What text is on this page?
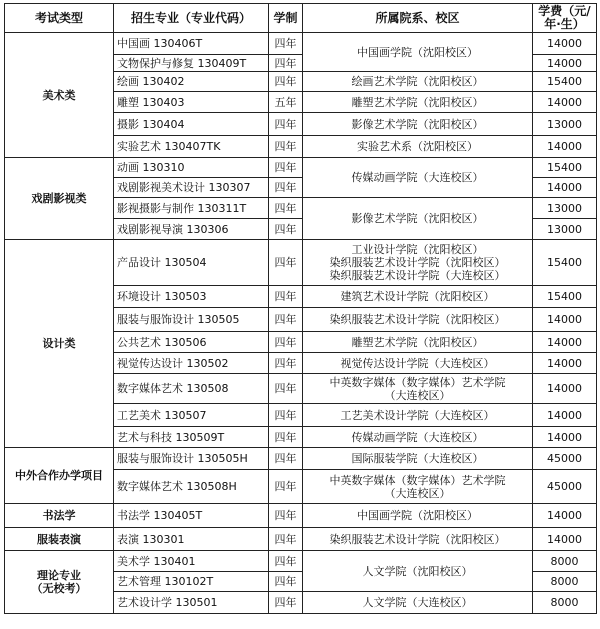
考试类型	招生专业（专业代码）	学制	所属院系、校区	学费（元/
年·生）
美术类	中国画 130406T	四年	中国画学院（沈阳校区）	14000
	文物保护与修复 130409T	四年		14000
	绘画 130402	四年	绘画艺术学院（沈阳校区）	15400
	雕塑 130403	五年	雕塑艺术学院（沈阳校区）	14000
	摄影 130404	四年	影像艺术学院（沈阳校区）	13000
	实验艺术 130407TK	四年	实验艺术系（沈阳校区）	14000
戏剧影视类	动画 130310	四年	传媒动画学院（大连校区）	15400
	戏剧影视美术设计 130307	四年		14000
	影视摄影与制作 130311T	四年	影像艺术学院（沈阳校区）	13000
	戏剧影视导演 130306	四年		13000
设计类	产品设计 130504	四年	工业设计学院（沈阳校区）
染织服装艺术设计学院（沈阳校区）
染织服装艺术设计学院（大连校区）	15400
	环境设计 130503	四年	建筑艺术设计学院（沈阳校区）	15400
	服装与服饰设计 130505	四年	染织服装艺术设计学院（沈阳校区）	14000
	公共艺术 130506	四年	雕塑艺术学院（沈阳校区）	14000
	视觉传达设计 130502	四年	视觉传达设计学院（大连校区）	14000
	数字媒体艺术 130508	四年	中英数字媒体（数字媒体）艺术学院
（大连校区）	14000
	工艺美术 130507	四年	工艺美术设计学院（大连校区）	14000
	艺术与科技 130509T	四年	传媒动画学院（大连校区）	14000
中外合作办学项目	服装与服饰设计 130505H	四年	国际服装学院（大连校区）	45000
	数字媒体艺术 130508H	四年	中英数字媒体（数字媒体）艺术学院
（大连校区）	45000
书法学	书法学 130405T	四年	中国画学院（沈阳校区）	14000
服装表演	表演 130301	四年	染织服装艺术设计学院（沈阳校区）	14000
理论专业
（无校考）	美术学 130401	四年	人文学院（沈阳校区）	8000
	艺术管理 130102T	四年		8000
	艺术设计学 130501	四年	人文学院（大连校区）	8000
